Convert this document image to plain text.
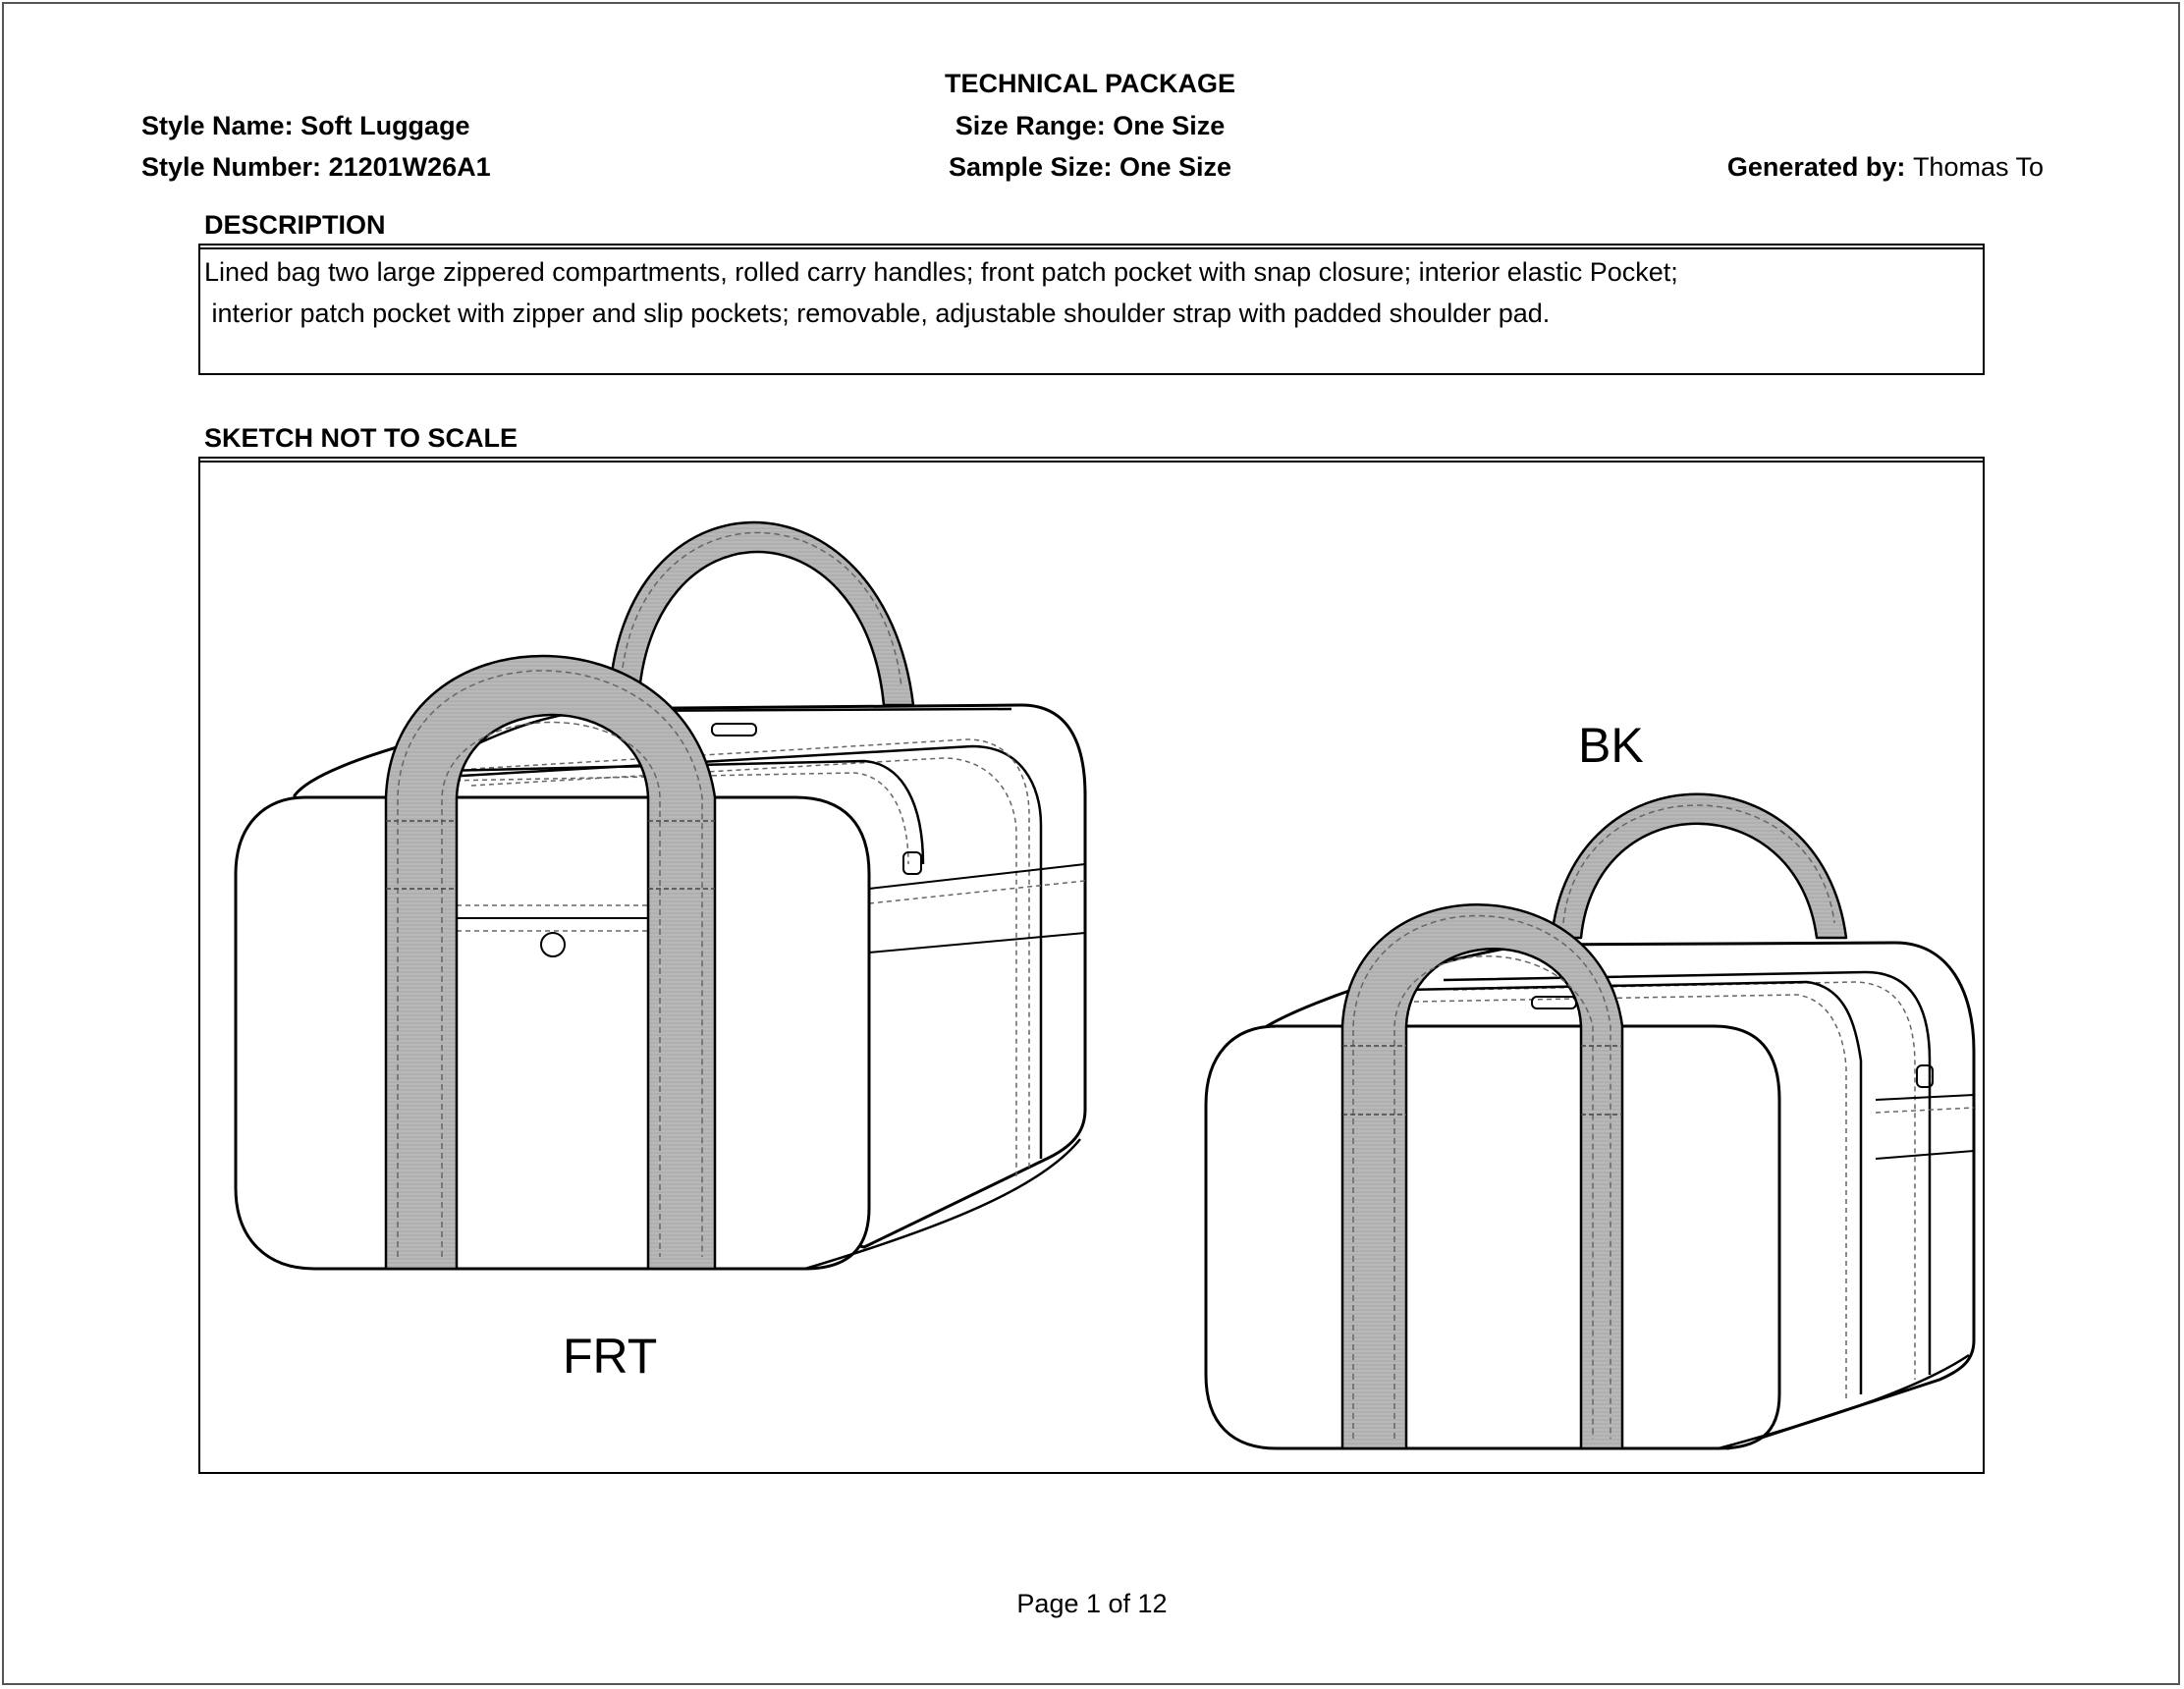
TECHNICAL PACKAGE
Style Name: Soft Luggage	Size Range: One Size
Style Number: 21201W26A1	Sample Size: One Size	Generated by: Thomas To
DESCRIPTION
Lined bag two large zippered compartments, rolled carry handles; front patch pocket with snap closure; interior elastic Pocket;
interior patch pocket with zipper and slip pockets; removable, adjustable shoulder strap with padded shoulder pad.
SKETCH NOT TO SCALE
FRT
BK
Page 1 of 12
